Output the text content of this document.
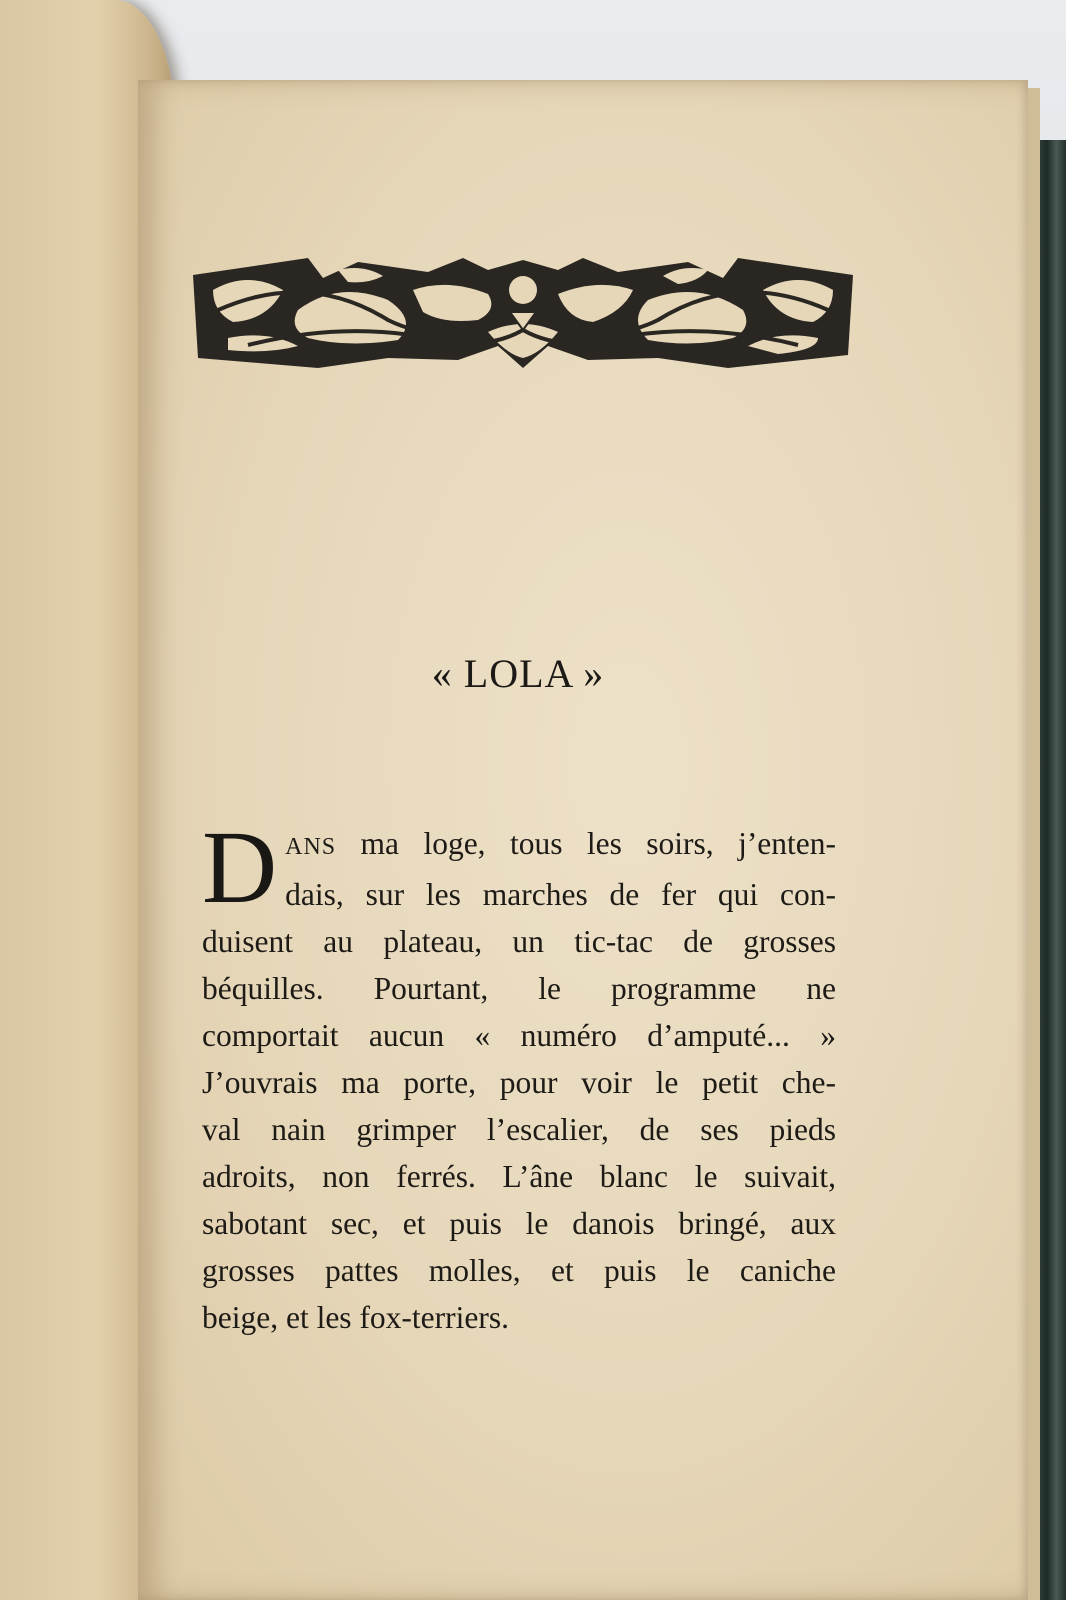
« LOLA »
D ANS ma loge, tous les soirs, j’enten-
dais, sur les marches de fer qui con-
duisent au plateau, un tic-tac de grosses
béquilles. Pourtant, le programme ne
comportait aucun « numéro d’amputé... »
J’ouvrais ma porte, pour voir le petit che-
val nain grimper l’escalier, de ses pieds
adroits, non ferrés. L’âne blanc le suivait,
sabotant sec, et puis le danois bringé, aux
grosses pattes molles, et puis le caniche
beige, et les fox-terriers.
